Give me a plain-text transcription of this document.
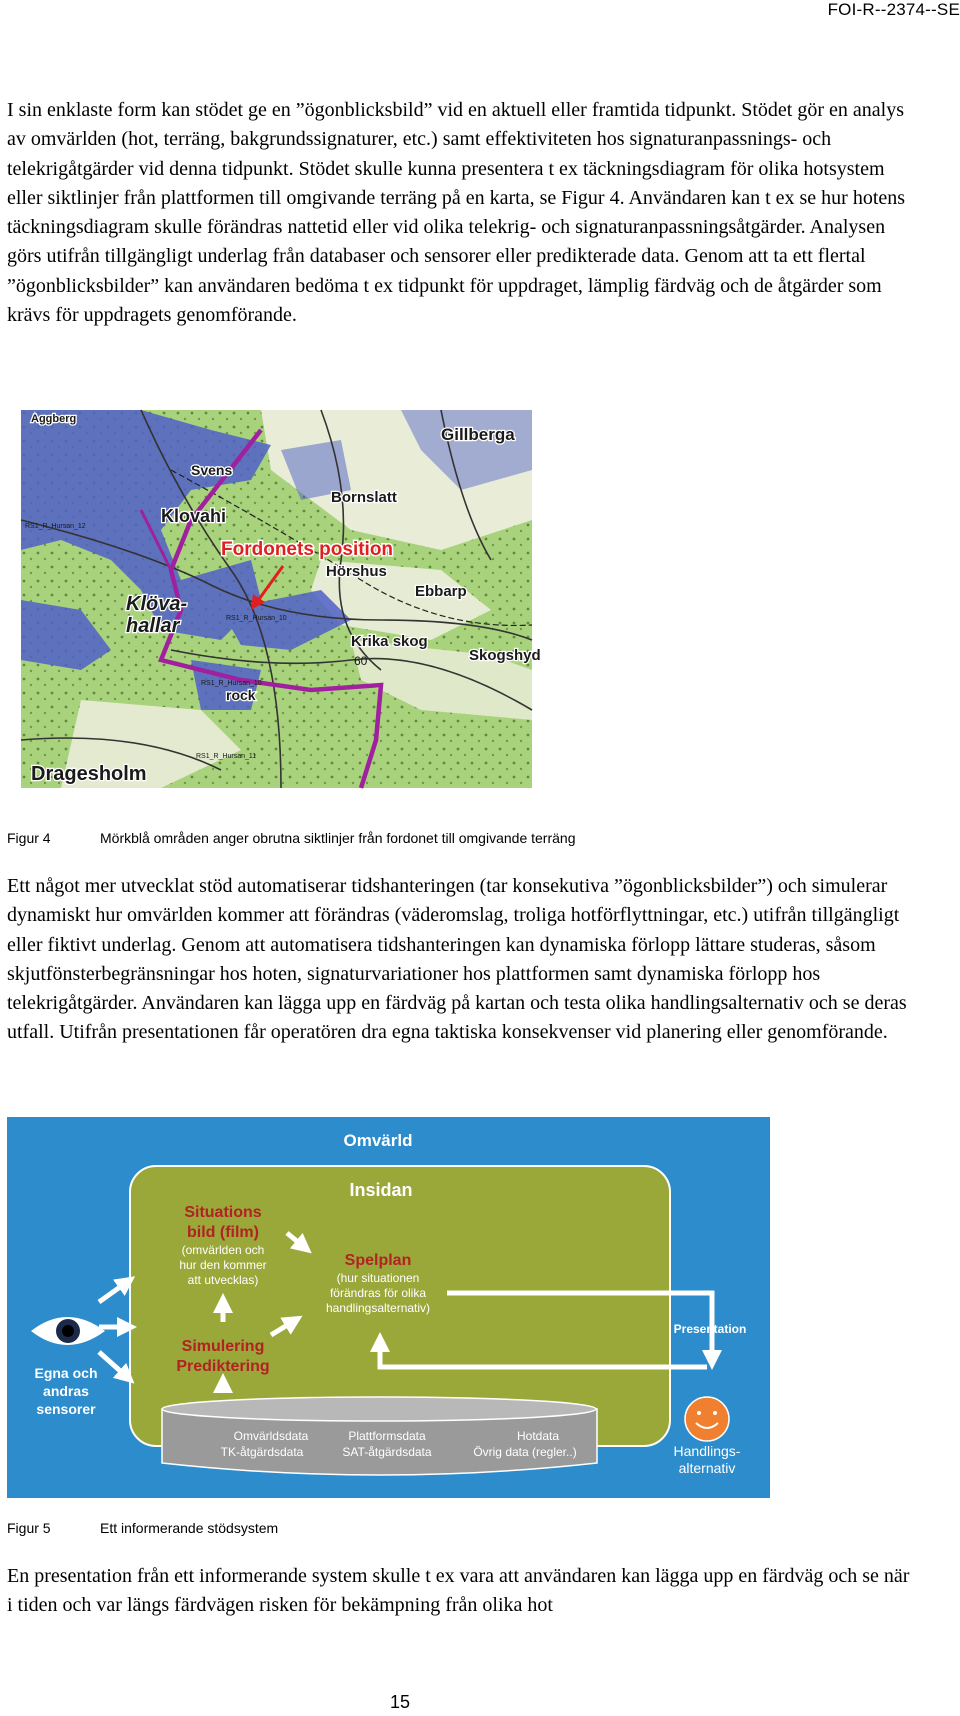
FOI-R--2374--SE

I sin enklaste form kan stödet ge en ”ögonblicksbild” vid en aktuell eller framtida tidpunkt. Stödet gör en analys av omvärlden (hot, terräng, bakgrundssignaturer, etc.) samt effektiviteten hos signaturanpassnings- och telekrigåtgärder vid denna tidpunkt. Stödet skulle kunna presentera t ex täckningsdiagram för olika hotsystem eller siktlinjer från plattformen till omgivande terräng på en karta, se Figur 4. Användaren kan t ex se hur hotens täckningsdiagram skulle förändras nattetid eller vid olika telekrig- och signaturanpassningsåtgärder. Analysen görs utifrån tillgängligt underlag från databaser och sensorer eller predikterade data. Genom att ta ett flertal ”ögonblicksbilder” kan användaren bedöma t ex tidpunkt för uppdraget, lämplig färdväg och de åtgärder som krävs för uppdragets genomförande.

Fordonets position
Gillberga
Bornslatt
Svens
Klovahi
Hörshus
Ebbarp
Klöva-
hallar
Krika skog
Skogshyd
Dragesholm
Aggberg
rock
RS1_R_Hursan_12
RS1_R_Hursan_10
RS1_R_Hursan_11
RS1_R_Hursan_10
60
Figur 4	Mörkblå områden anger obrutna siktlinjer från fordonet till omgivande terräng

Ett något mer utvecklat stöd automatiserar tidshanteringen (tar konsekutiva ”ögonblicksbilder”) och simulerar dynamiskt hur omvärlden kommer att förändras (väderomslag, troliga hotförflyttningar, etc.) utifrån tillgängligt eller fiktivt underlag. Genom att automatisera tidshanteringen kan dynamiska förlopp lättare studeras, såsom skjutfönsterbegränsningar hos hoten, signaturvariationer hos plattformen samt dynamiska förlopp hos telekrigåtgärder. Användaren kan lägga upp en färdväg på kartan och testa olika handlingsalternativ och se deras utfall. Utifrån presentationen får operatören dra egna taktiska konsekvenser vid planering eller genomförande.

Omvärld
Insidan
Situations
bild (film)
(omvärlden och
hur den kommer
att utvecklas)
Simulering
Prediktering
Spelplan
(hur situationen
förändras för olika
handlingsalternativ)
Egna och
andras
sensorer
Presentation
Handlings-
alternativ
Omvärldsdata	Plattformsdata	Hotdata
TK-åtgärdsdata	SAT-åtgärdsdata	Övrig data (regler..)
Figur 5	Ett informerande stödsystem

En presentation från ett informerande system skulle t ex vara att användaren kan lägga upp en färdväg och se när i tiden och var längs färdvägen risken för bekämpning från olika hot

15
